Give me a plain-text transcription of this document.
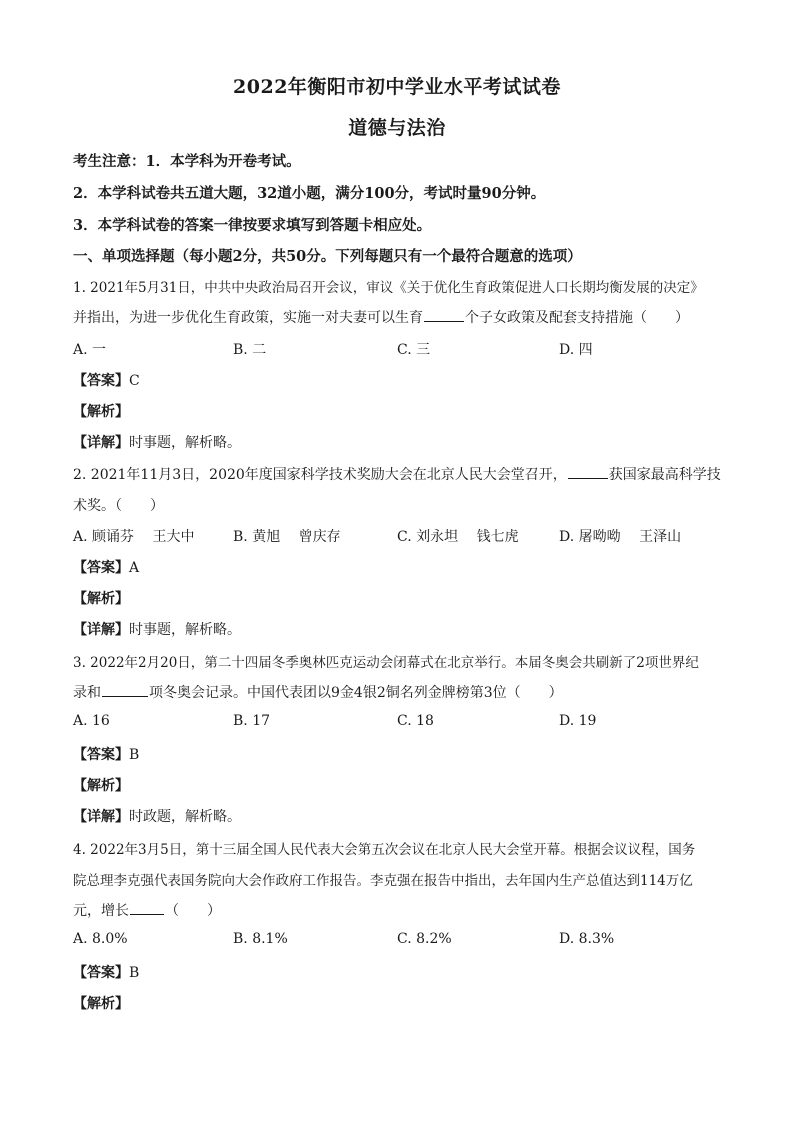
2022年衡阳市初中学业水平考试试卷
道德与法治
考生注意：1．本学科为开卷考试。
2．本学科试卷共五道大题，32道小题，满分100分，考试时量90分钟。
3．本学科试卷的答案一律按要求填写到答题卡相应处。
一、单项选择题（每小题2分，共50分。下列每题只有一个最符合题意的选项）
1. 2021年5月31日，中共中央政治局召开会议，审议《关于优化生育政策促进人口长期均衡发展的决定》
并指出，为进一步优化生育政策，实施一对夫妻可以生育	个子女政策及配套支持措施（　　）
A. 一	B. 二	C. 三	D. 四
【答案】C
【解析】
【详解】时事题，解析略。
2. 2021年11月3日，2020年度国家科学技术奖励大会在北京人民大会堂召开，	获国家最高科学技
术奖。（　　）
A. 顾诵芬　 王大中	B. 黄旭　 曾庆存	C. 刘永坦　 钱七虎	D. 屠呦呦　 王泽山
【答案】A
【解析】
【详解】时事题，解析略。
3. 2022年2月20日，第二十四届冬季奥林匹克运动会闭幕式在北京举行。本届冬奥会共刷新了2项世界纪
录和	项冬奥会记录。中国代表团以9金4银2铜名列金牌榜第3位（　　）
A. 16	B. 17	C. 18	D. 19
【答案】B
【解析】
【详解】时政题，解析略。
4. 2022年3月5日，第十三届全国人民代表大会第五次会议在北京人民大会堂开幕。根据会议议程，国务
院总理李克强代表国务院向大会作政府工作报告。李克强在报告中指出，去年国内生产总值达到114万亿
元，增长	（　　）
A. 8.0%	B. 8.1%	C. 8.2%	D. 8.3%
【答案】B
【解析】
